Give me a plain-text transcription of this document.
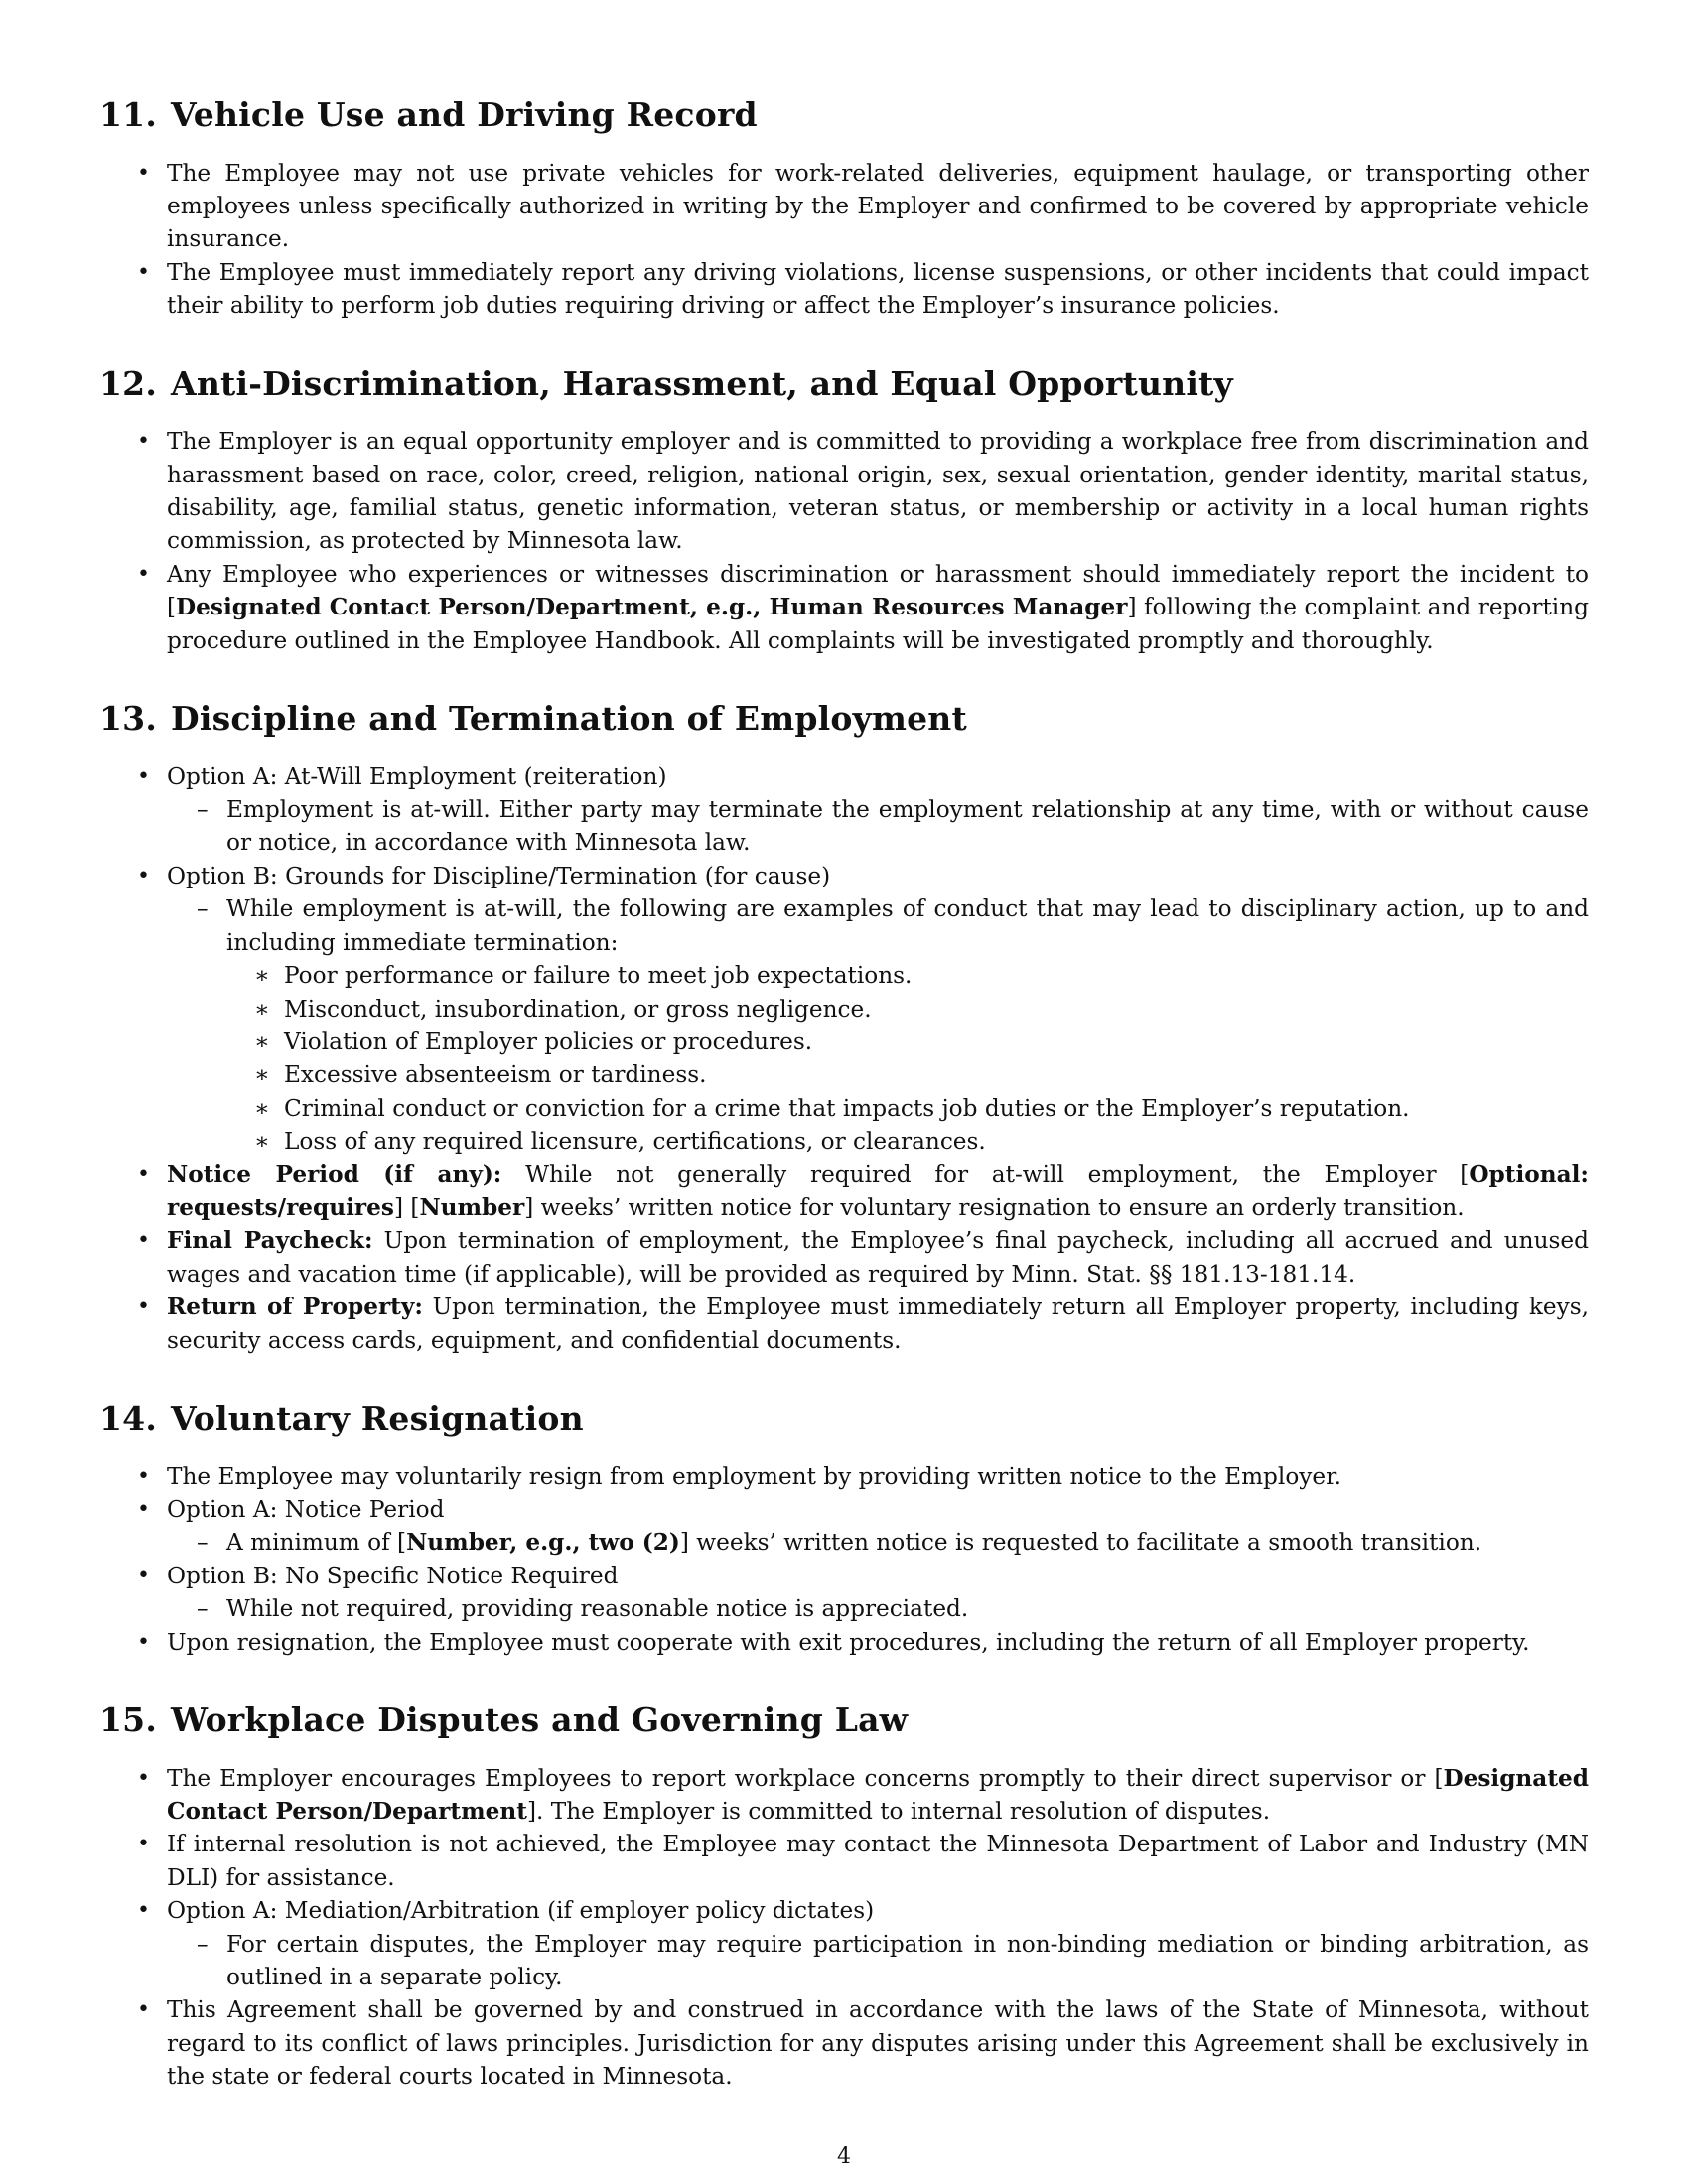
11. Vehicle Use and Driving Record
• The Employee may not use private vehicles for work-related deliveries, equipment haulage, or transporting other employees unless specifically authorized in writing by the Employer and confirmed to be covered by appropriate vehicle insurance.
• The Employee must immediately report any driving violations, license suspensions, or other incidents that could impact their ability to perform job duties requiring driving or affect the Employer’s insurance policies.
12. Anti-Discrimination, Harassment, and Equal Opportunity
• The Employer is an equal opportunity employer and is committed to providing a workplace free from discrimination and harassment based on race, color, creed, religion, national origin, sex, sexual orientation, gender identity, marital status, disability, age, familial status, genetic information, veteran status, or membership or activity in a local human rights commission, as protected by Minnesota law.
• Any Employee who experiences or witnesses discrimination or harassment should immediately report the incident to [Designated Contact Person/Department, e.g., Human Resources Manager] following the complaint and reporting procedure outlined in the Employee Handbook. All complaints will be investigated promptly and thoroughly.
13. Discipline and Termination of Employment
• Option A: At-Will Employment (reiteration)
– Employment is at-will. Either party may terminate the employment relationship at any time, with or without cause or notice, in accordance with Minnesota law.
• Option B: Grounds for Discipline/Termination (for cause)
– While employment is at-will, the following are examples of conduct that may lead to disciplinary action, up to and including immediate termination:
∗ Poor performance or failure to meet job expectations.
∗ Misconduct, insubordination, or gross negligence.
∗ Violation of Employer policies or procedures.
∗ Excessive absenteeism or tardiness.
∗ Criminal conduct or conviction for a crime that impacts job duties or the Employer’s reputation.
∗ Loss of any required licensure, certifications, or clearances.
• Notice Period (if any): While not generally required for at-will employment, the Employer [Optional: requests/requires] [Number] weeks’ written notice for voluntary resignation to ensure an orderly transition.
• Final Paycheck: Upon termination of employment, the Employee’s final paycheck, including all accrued and unused wages and vacation time (if applicable), will be provided as required by Minn. Stat. §§ 181.13-181.14.
• Return of Property: Upon termination, the Employee must immediately return all Employer property, including keys, security access cards, equipment, and confidential documents.
14. Voluntary Resignation
• The Employee may voluntarily resign from employment by providing written notice to the Employer.
• Option A: Notice Period
– A minimum of [Number, e.g., two (2)] weeks’ written notice is requested to facilitate a smooth transition.
• Option B: No Specific Notice Required
– While not required, providing reasonable notice is appreciated.
• Upon resignation, the Employee must cooperate with exit procedures, including the return of all Employer property.
15. Workplace Disputes and Governing Law
• The Employer encourages Employees to report workplace concerns promptly to their direct supervisor or [Designated Contact Person/Department]. The Employer is committed to internal resolution of disputes.
• If internal resolution is not achieved, the Employee may contact the Minnesota Department of Labor and Industry (MN DLI) for assistance.
• Option A: Mediation/Arbitration (if employer policy dictates)
– For certain disputes, the Employer may require participation in non-binding mediation or binding arbitration, as outlined in a separate policy.
• This Agreement shall be governed by and construed in accordance with the laws of the State of Minnesota, without regard to its conflict of laws principles. Jurisdiction for any disputes arising under this Agreement shall be exclusively in the state or federal courts located in Minnesota.
4
